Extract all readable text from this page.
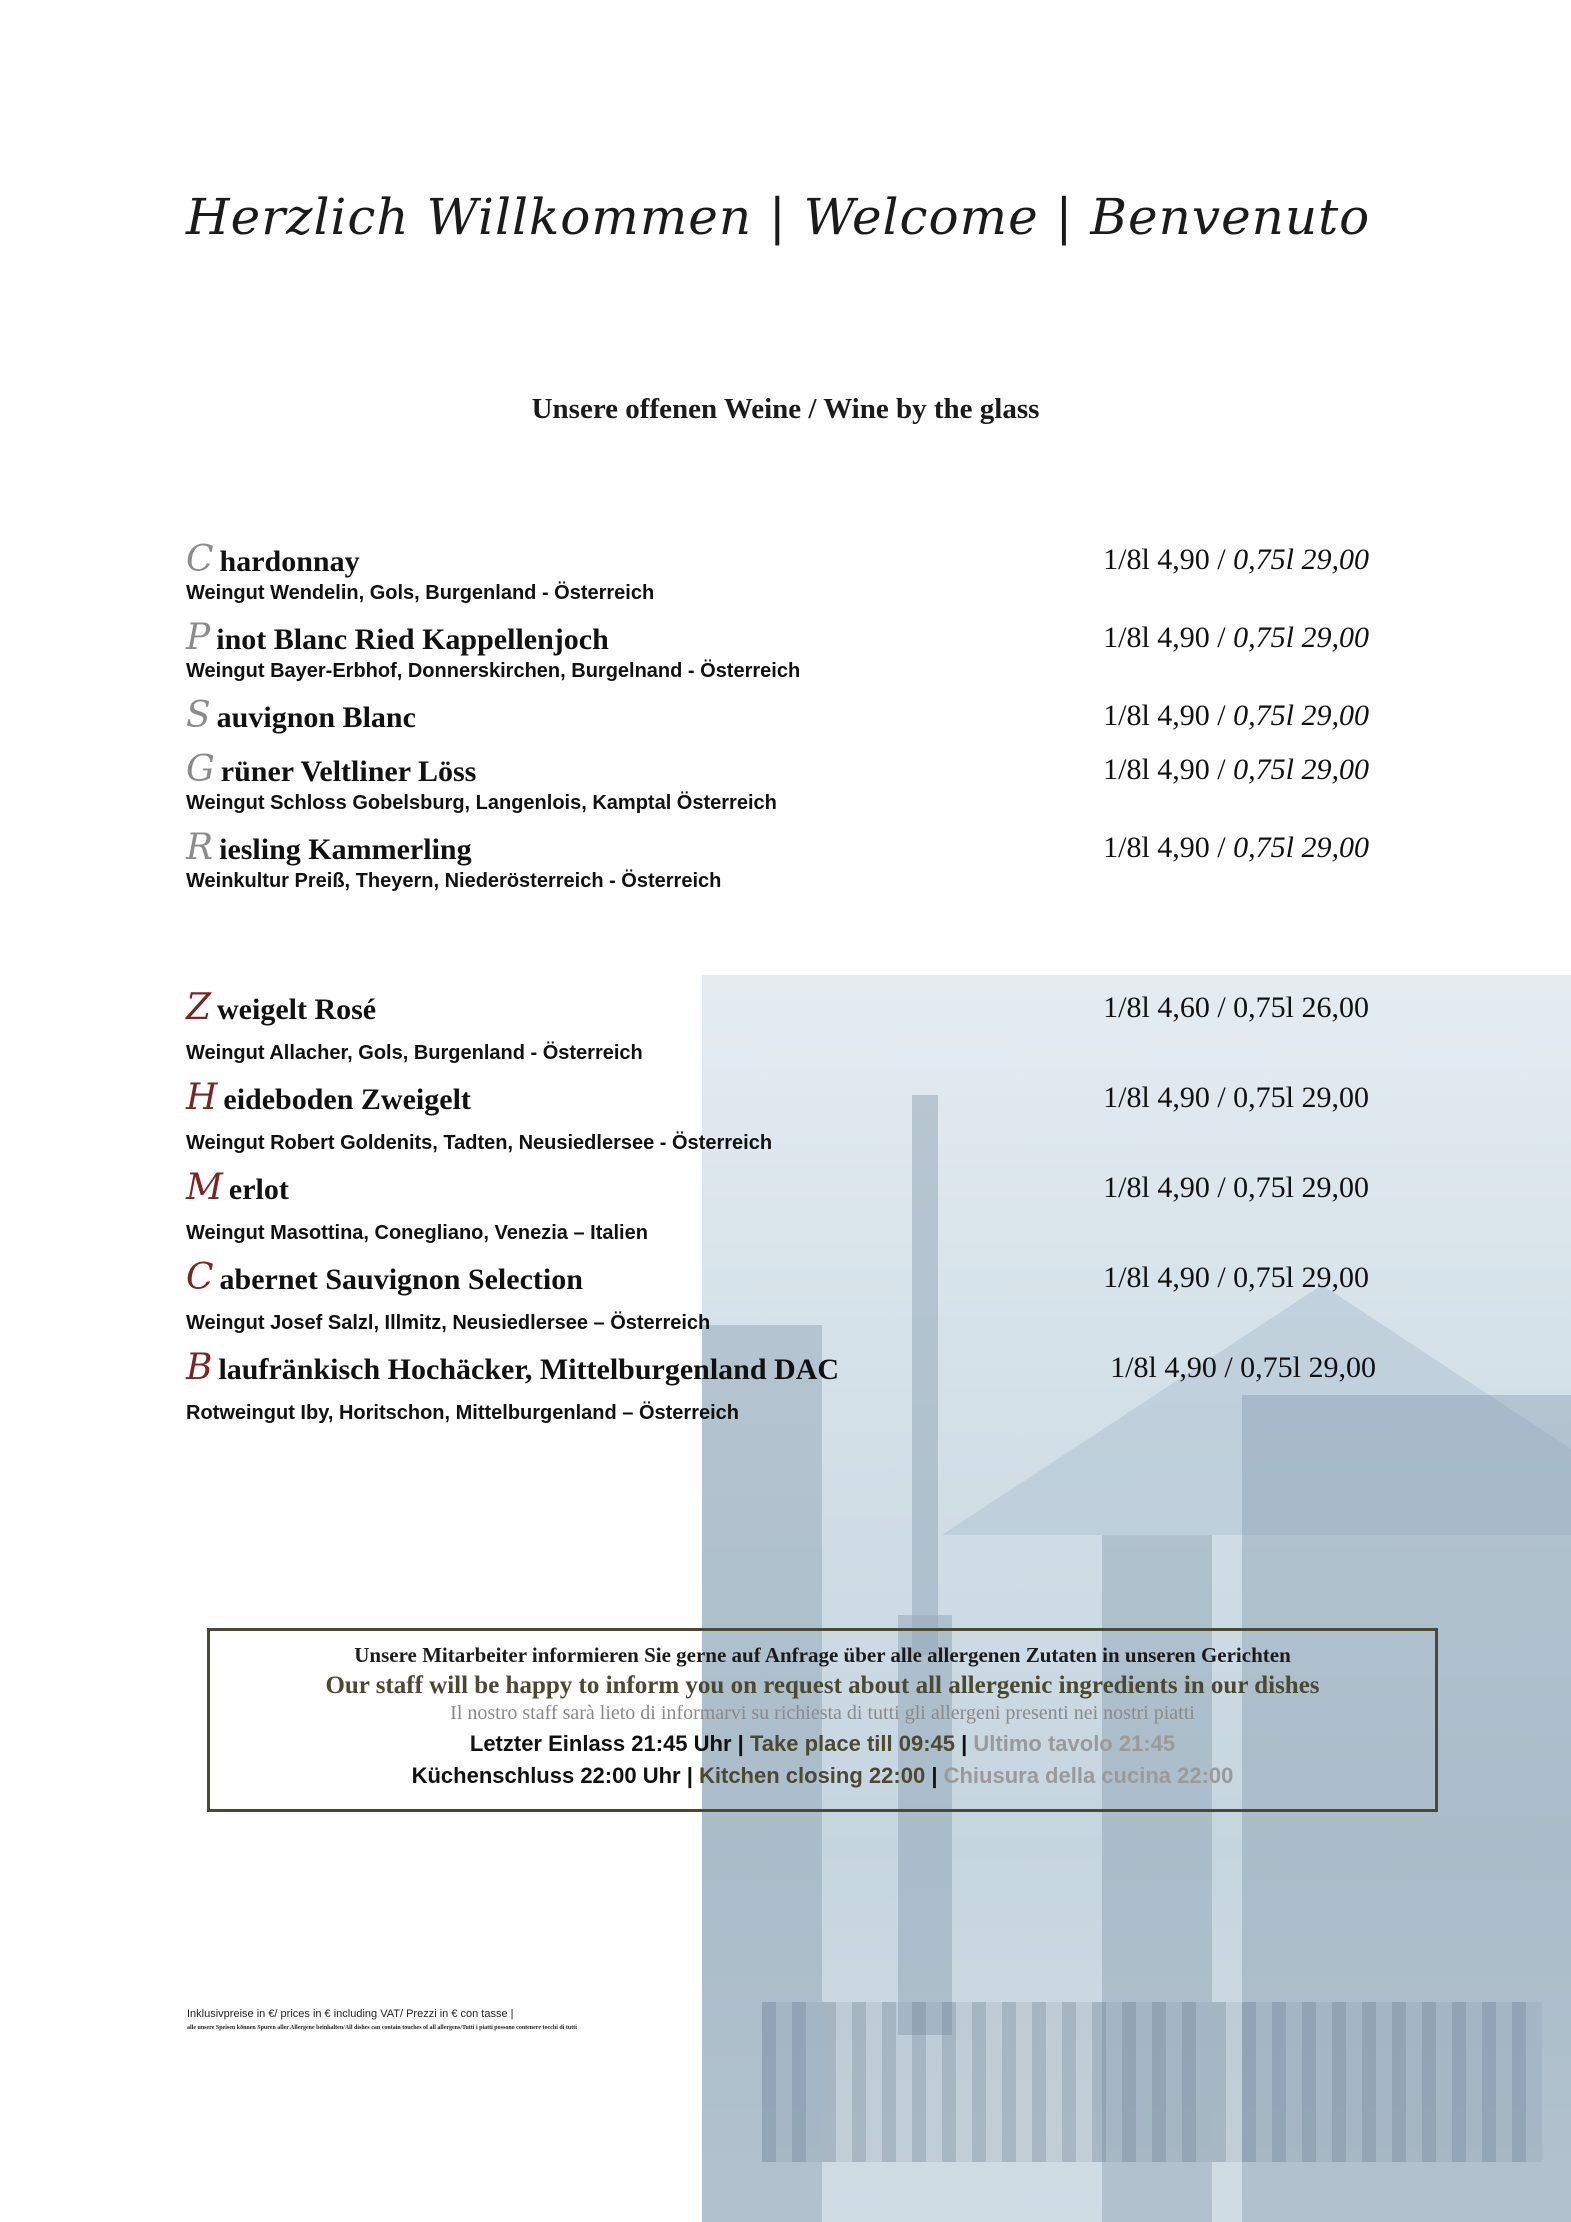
Herzlich Willkommen | Welcome | Benvenuto
Unsere offenen Weine / Wine by the glass
C hardonnay	1/8l 4,90 / 0,75l 29,00
Weingut Wendelin, Gols, Burgenland - Österreich
P inot Blanc Ried Kappellenjoch	1/8l 4,90 / 0,75l 29,00
Weingut Bayer-Erbhof, Donnerskirchen, Burgelnand - Österreich
S auvignon Blanc	1/8l 4,90 / 0,75l 29,00
G rüner Veltliner Löss	1/8l 4,90 / 0,75l 29,00
Weingut Schloss Gobelsburg, Langenlois, Kamptal Österreich
R iesling Kammerling	1/8l 4,90 / 0,75l 29,00
Weinkultur Preiß, Theyern, Niederösterreich - Österreich
Z weigelt Rosé	1/8l 4,60 / 0,75l 26,00
Weingut Allacher, Gols, Burgenland - Österreich
H eideboden Zweigelt	1/8l 4,90 / 0,75l 29,00
Weingut Robert Goldenits, Tadten, Neusiedlersee - Österreich
M erlot	1/8l 4,90 / 0,75l 29,00
Weingut Masottina, Conegliano, Venezia – Italien
C abernet Sauvignon Selection	1/8l 4,90 / 0,75l 29,00
Weingut Josef Salzl, Illmitz, Neusiedlersee – Österreich
B laufränkisch Hochäcker, Mittelburgenland DAC	1/8l 4,90 / 0,75l 29,00
Rotweingut Iby, Horitschon, Mittelburgenland – Österreich
Unsere Mitarbeiter informieren Sie gerne auf Anfrage über alle allergenen Zutaten in unseren Gerichten
Our staff will be happy to inform you on request about all allergenic ingredients in our dishes
Il nostro staff sarà lieto di informarvi su richiesta di tutti gli allergeni presenti nei nostri piatti
Letzter Einlass 21:45 Uhr | Take place till 09:45 | Ultimo tavolo 21:45
Küchenschluss 22:00 Uhr | Kitchen closing 22:00 | Chiusura della cucina 22:00
Inklusivpreise in €/ prices in € including VAT/ Prezzi in € con tasse |
alle unsere Speisen können Spuren aller Allergene beinhalten/All dishes can contain touches of all allergens/Tutti i piatti possono contenere tocchi di tutti
